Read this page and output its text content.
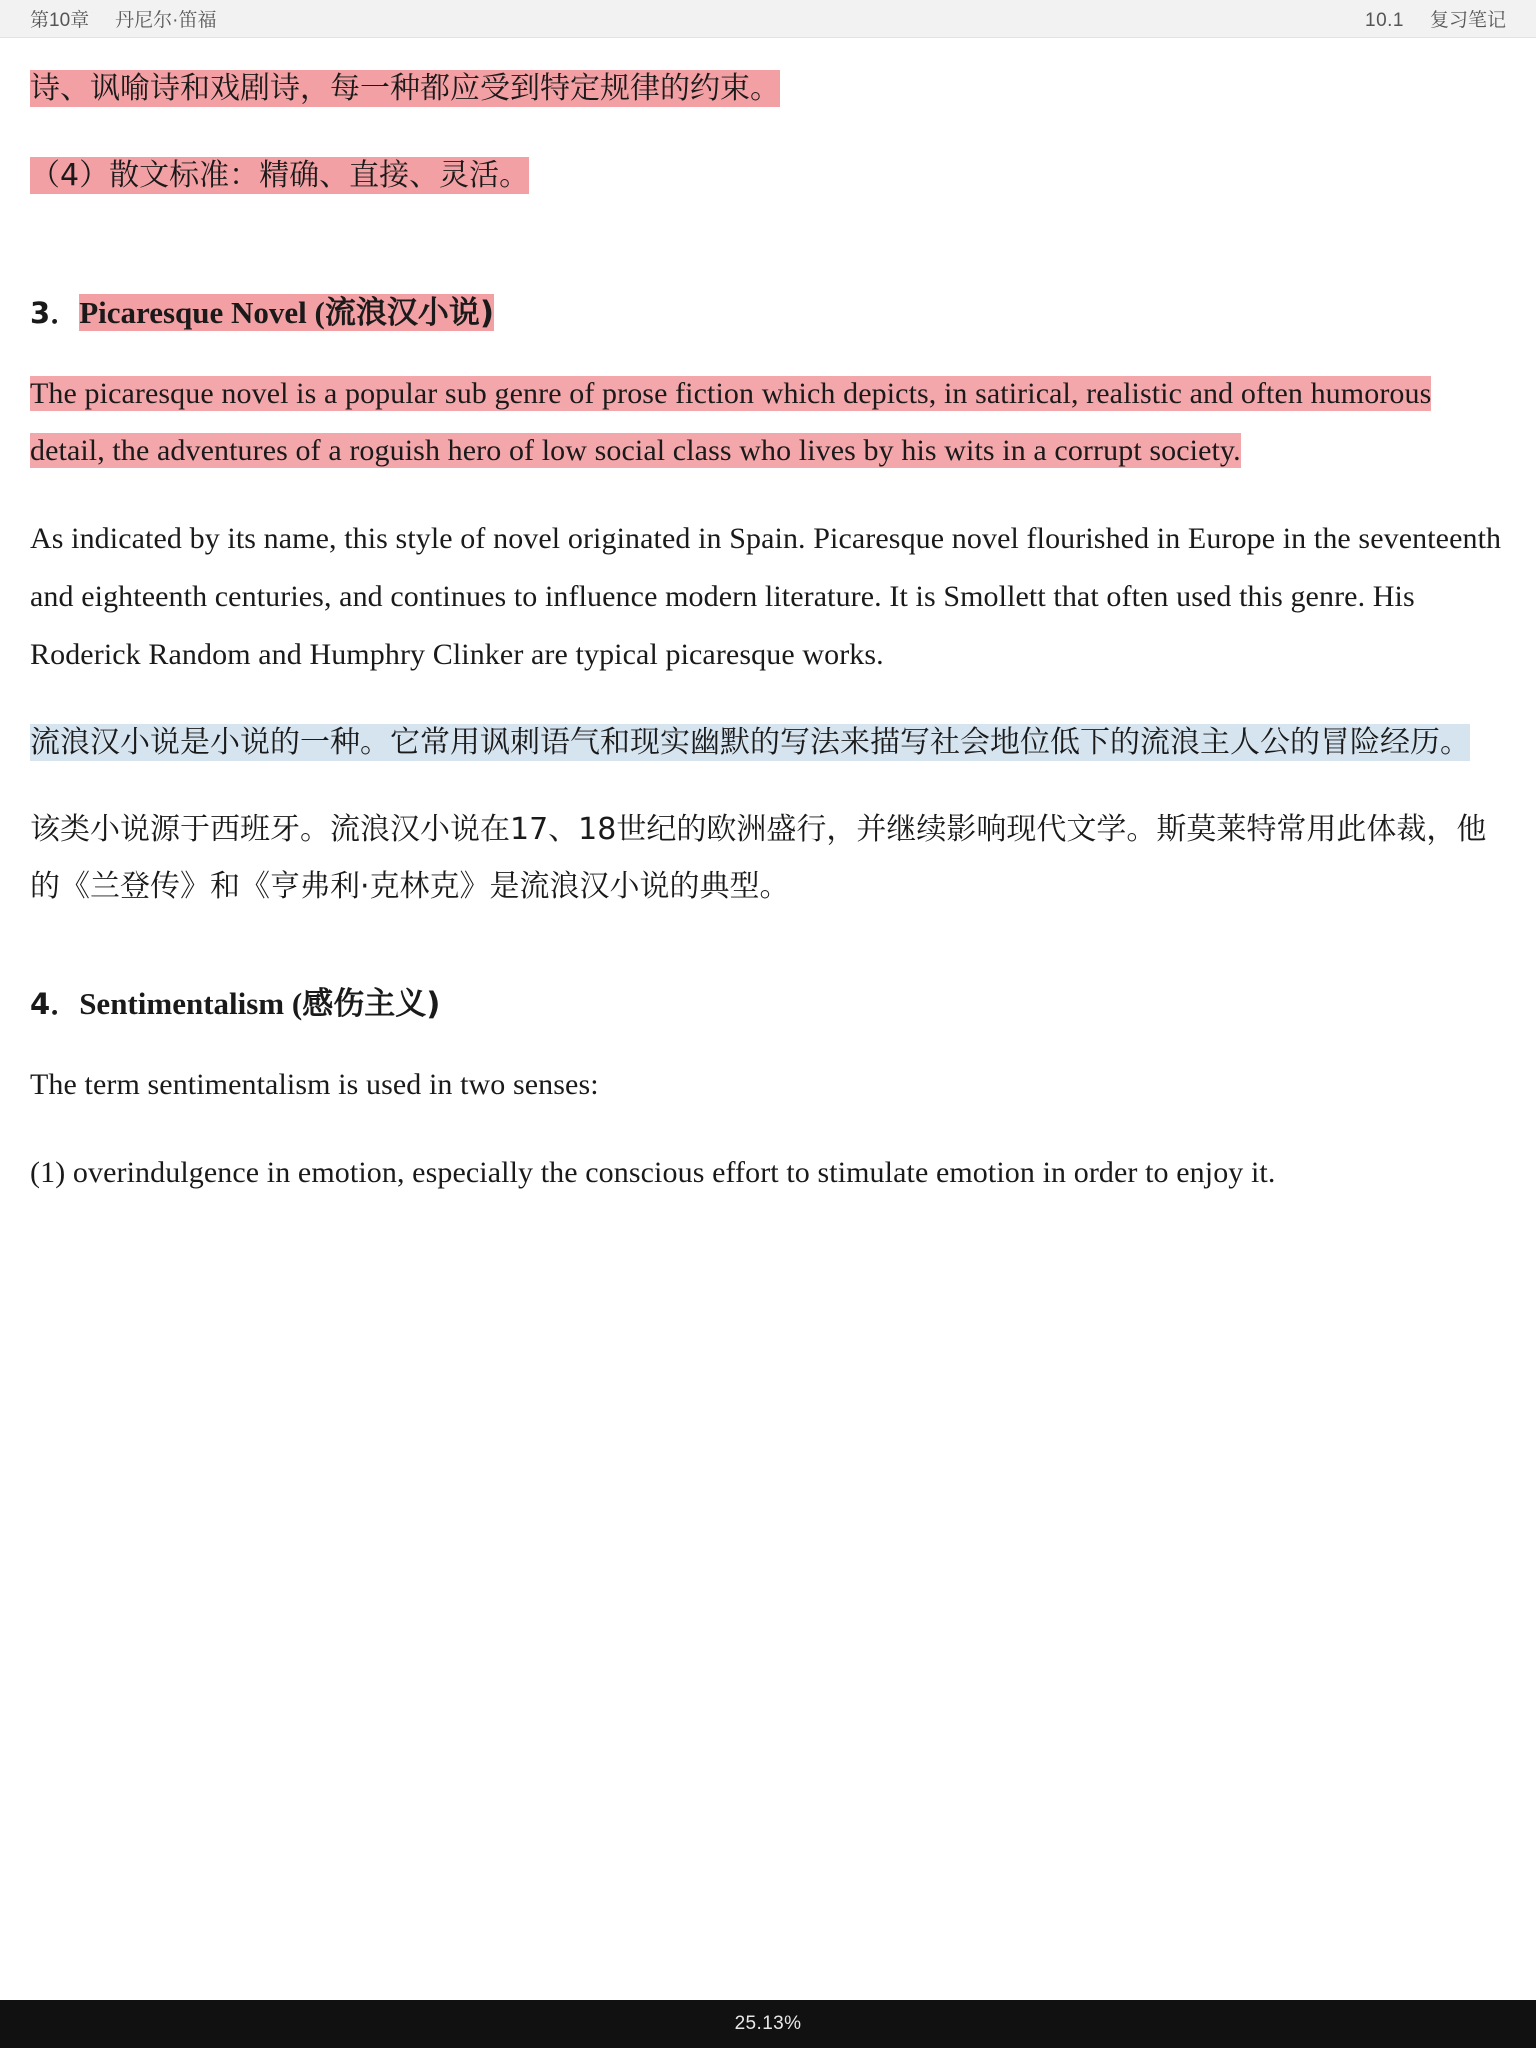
第10章 丹尼尔·笛福	10.1 复习笔记

诗、讽喻诗和戏剧诗，每一种都应受到特定规律的约束。

（4）散文标准：精确、直接、灵活。

3．Picaresque Novel (流浪汉小说)

The picaresque novel is a popular sub genre of prose fiction which depicts, in satirical, realistic and often humorous detail, the adventures of a roguish hero of low social class who lives by his wits in a corrupt society.

As indicated by its name, this style of novel originated in Spain. Picaresque novel flourished in Europe in the seventeenth and eighteenth centuries, and continues to influence modern literature. It is Smollett that often used this genre. His Roderick Random and Humphry Clinker are typical picaresque works.

流浪汉小说是小说的一种。它常用讽刺语气和现实幽默的写法来描写社会地位低下的流浪主人公的冒险经历。

该类小说源于西班牙。流浪汉小说在17、18世纪的欧洲盛行，并继续影响现代文学。斯莫莱特常用此体裁，他的《兰登传》和《亨弗利·克林克》是流浪汉小说的典型。

4．Sentimentalism (感伤主义)

The term sentimentalism is used in two senses:

(1) overindulgence in emotion, especially the conscious effort to stimulate emotion in order to enjoy it.

25.13%
